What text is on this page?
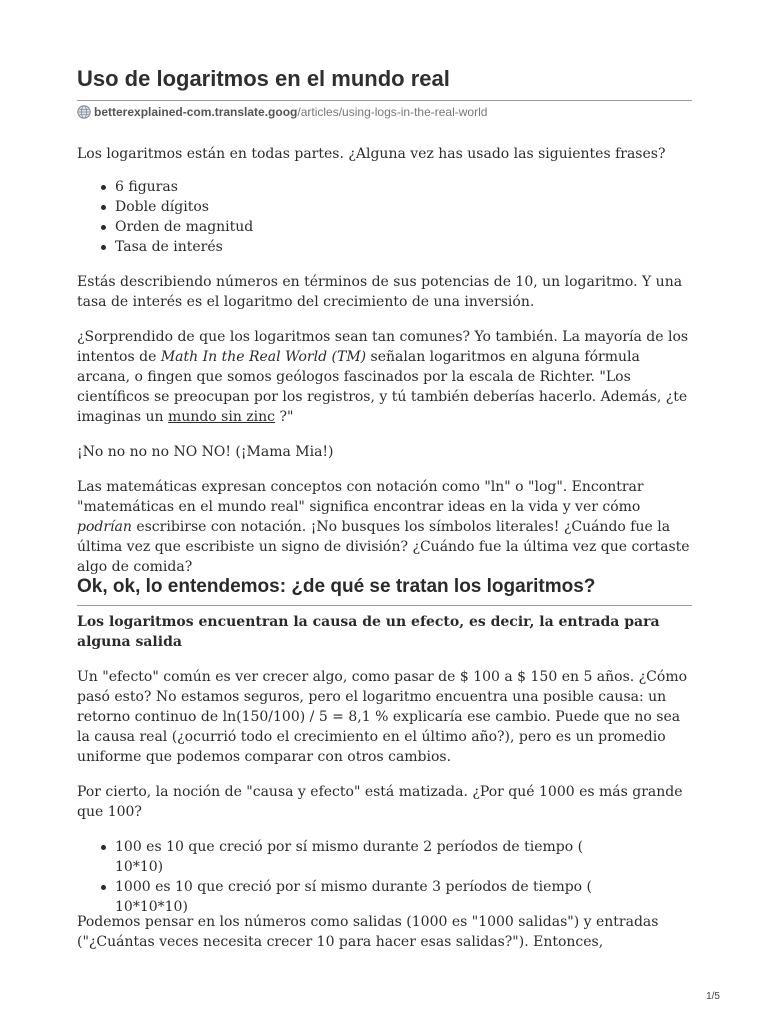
Uso de logaritmos en el mundo real
betterexplained-com.translate.goog /articles/using-logs-in-the-real-world

Los logaritmos están en todas partes. ¿Alguna vez has usado las siguientes frases?

6 figuras
Doble dígitos
Orden de magnitud
Tasa de interés

Estás describiendo números en términos de sus potencias de 10, un logaritmo. Y una tasa de interés es el logaritmo del crecimiento de una inversión.

¿Sorprendido de que los logaritmos sean tan comunes? Yo también. La mayoría de los intentos de Math In the Real World (TM) señalan logaritmos en alguna fórmula arcana, o fingen que somos geólogos fascinados por la escala de Richter. "Los científicos se preocupan por los registros, y tú también deberías hacerlo. Además, ¿te imaginas un mundo sin zinc ?"

¡No no no no NO NO! (¡Mama Mia!)

Las matemáticas expresan conceptos con notación como "ln" o "log". Encontrar "matemáticas en el mundo real" significa encontrar ideas en la vida y ver cómo podrían escribirse con notación. ¡No busques los símbolos literales! ¿Cuándo fue la última vez que escribiste un signo de división? ¿Cuándo fue la última vez que cortaste algo de comida?

Ok, ok, lo entendemos: ¿de qué se tratan los logaritmos?

Los logaritmos encuentran la causa de un efecto, es decir, la entrada para alguna salida

Un "efecto" común es ver crecer algo, como pasar de $ 100 a $ 150 en 5 años. ¿Cómo pasó esto? No estamos seguros, pero el logaritmo encuentra una posible causa: un retorno continuo de ln(150/100) / 5 = 8,1 % explicaría ese cambio. Puede que no sea la causa real (¿ocurrió todo el crecimiento en el último año?), pero es un promedio uniforme que podemos comparar con otros cambios.

Por cierto, la noción de "causa y efecto" está matizada. ¿Por qué 1000 es más grande que 100?

100 es 10 que creció por sí mismo durante 2 períodos de tiempo (10*10)
1000 es 10 que creció por sí mismo durante 3 períodos de tiempo (
10*10*10)

Podemos pensar en los números como salidas (1000 es "1000 salidas") y entradas ("¿Cuántas veces necesita crecer 10 para hacer esas salidas?"). Entonces,

1/5
